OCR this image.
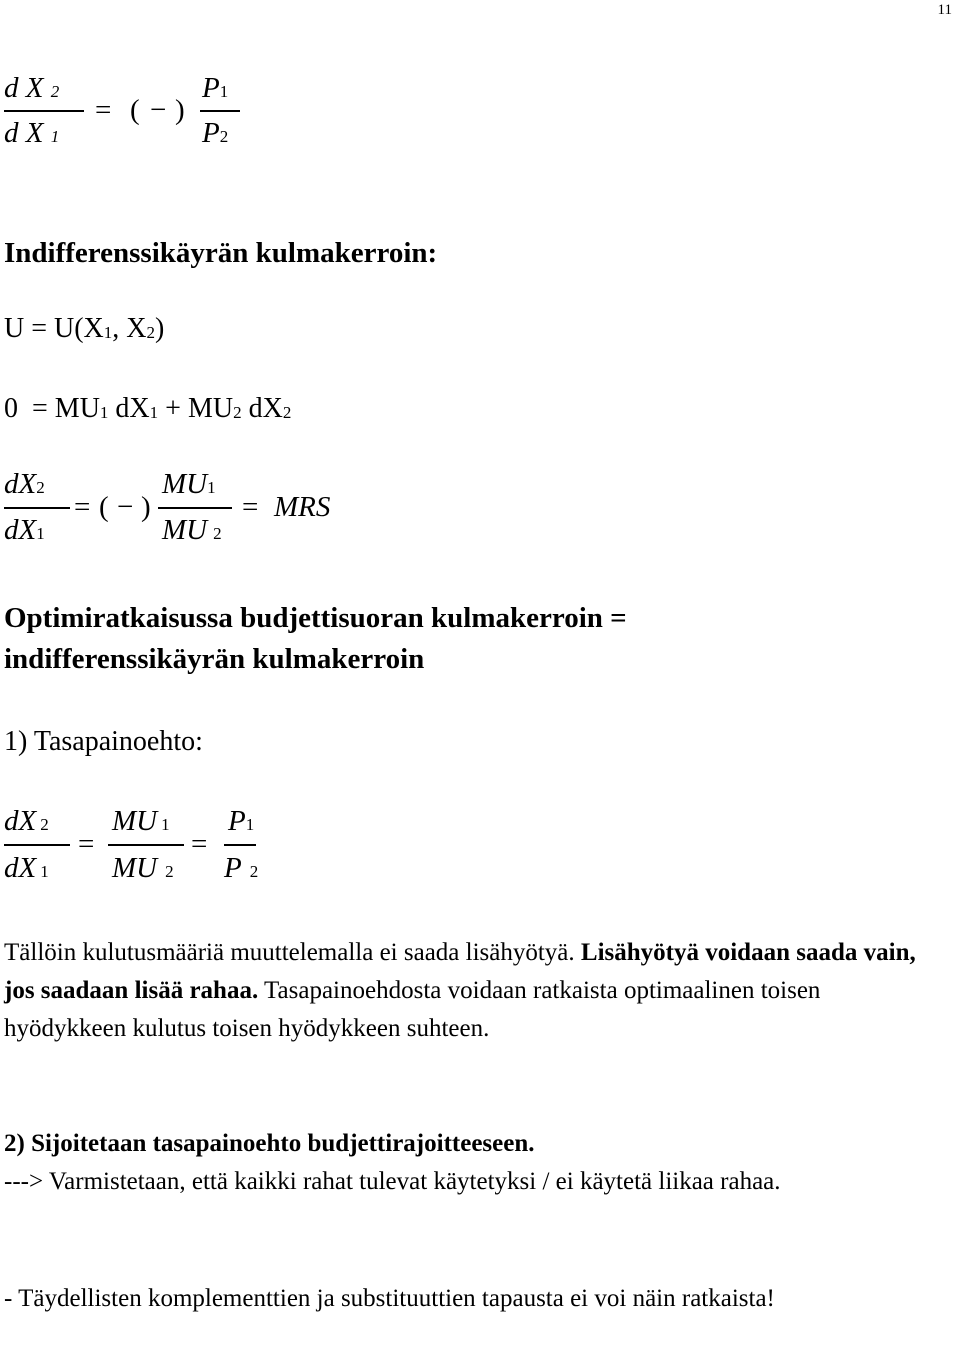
11
d X 2
d X 1
= ( − )
P1
P2
Indifferenssikäyrän kulmakerroin:
U = U(X1, X2)
0  = MU1 dX1 + MU2 dX2
dX2
dX1
= ( − )
MU1
MU 2
= MRS
Optimiratkaisussa budjettisuoran kulmakerroin =
indifferenssikäyrän kulmakerroin
1) Tasapainoehto:
dX 2
dX 1
=
MU 1
MU 2
=
P1
P 2
Tällöin kulutusmääriä muuttelemalla ei saada lisähyötyä. Lisähyötyä voidaan saada vain, jos saadaan lisää rahaa. Tasapainoehdosta voidaan ratkaista optimaalinen toisen hyödykkeen kulutus toisen hyödykkeen suhteen.
2) Sijoitetaan tasapainoehto budjettirajoitteeseen.
---> Varmistetaan, että kaikki rahat tulevat käytetyksi / ei käytetä liikaa rahaa.
- Täydellisten komplementtien ja substituuttien tapausta ei voi näin ratkaista!
